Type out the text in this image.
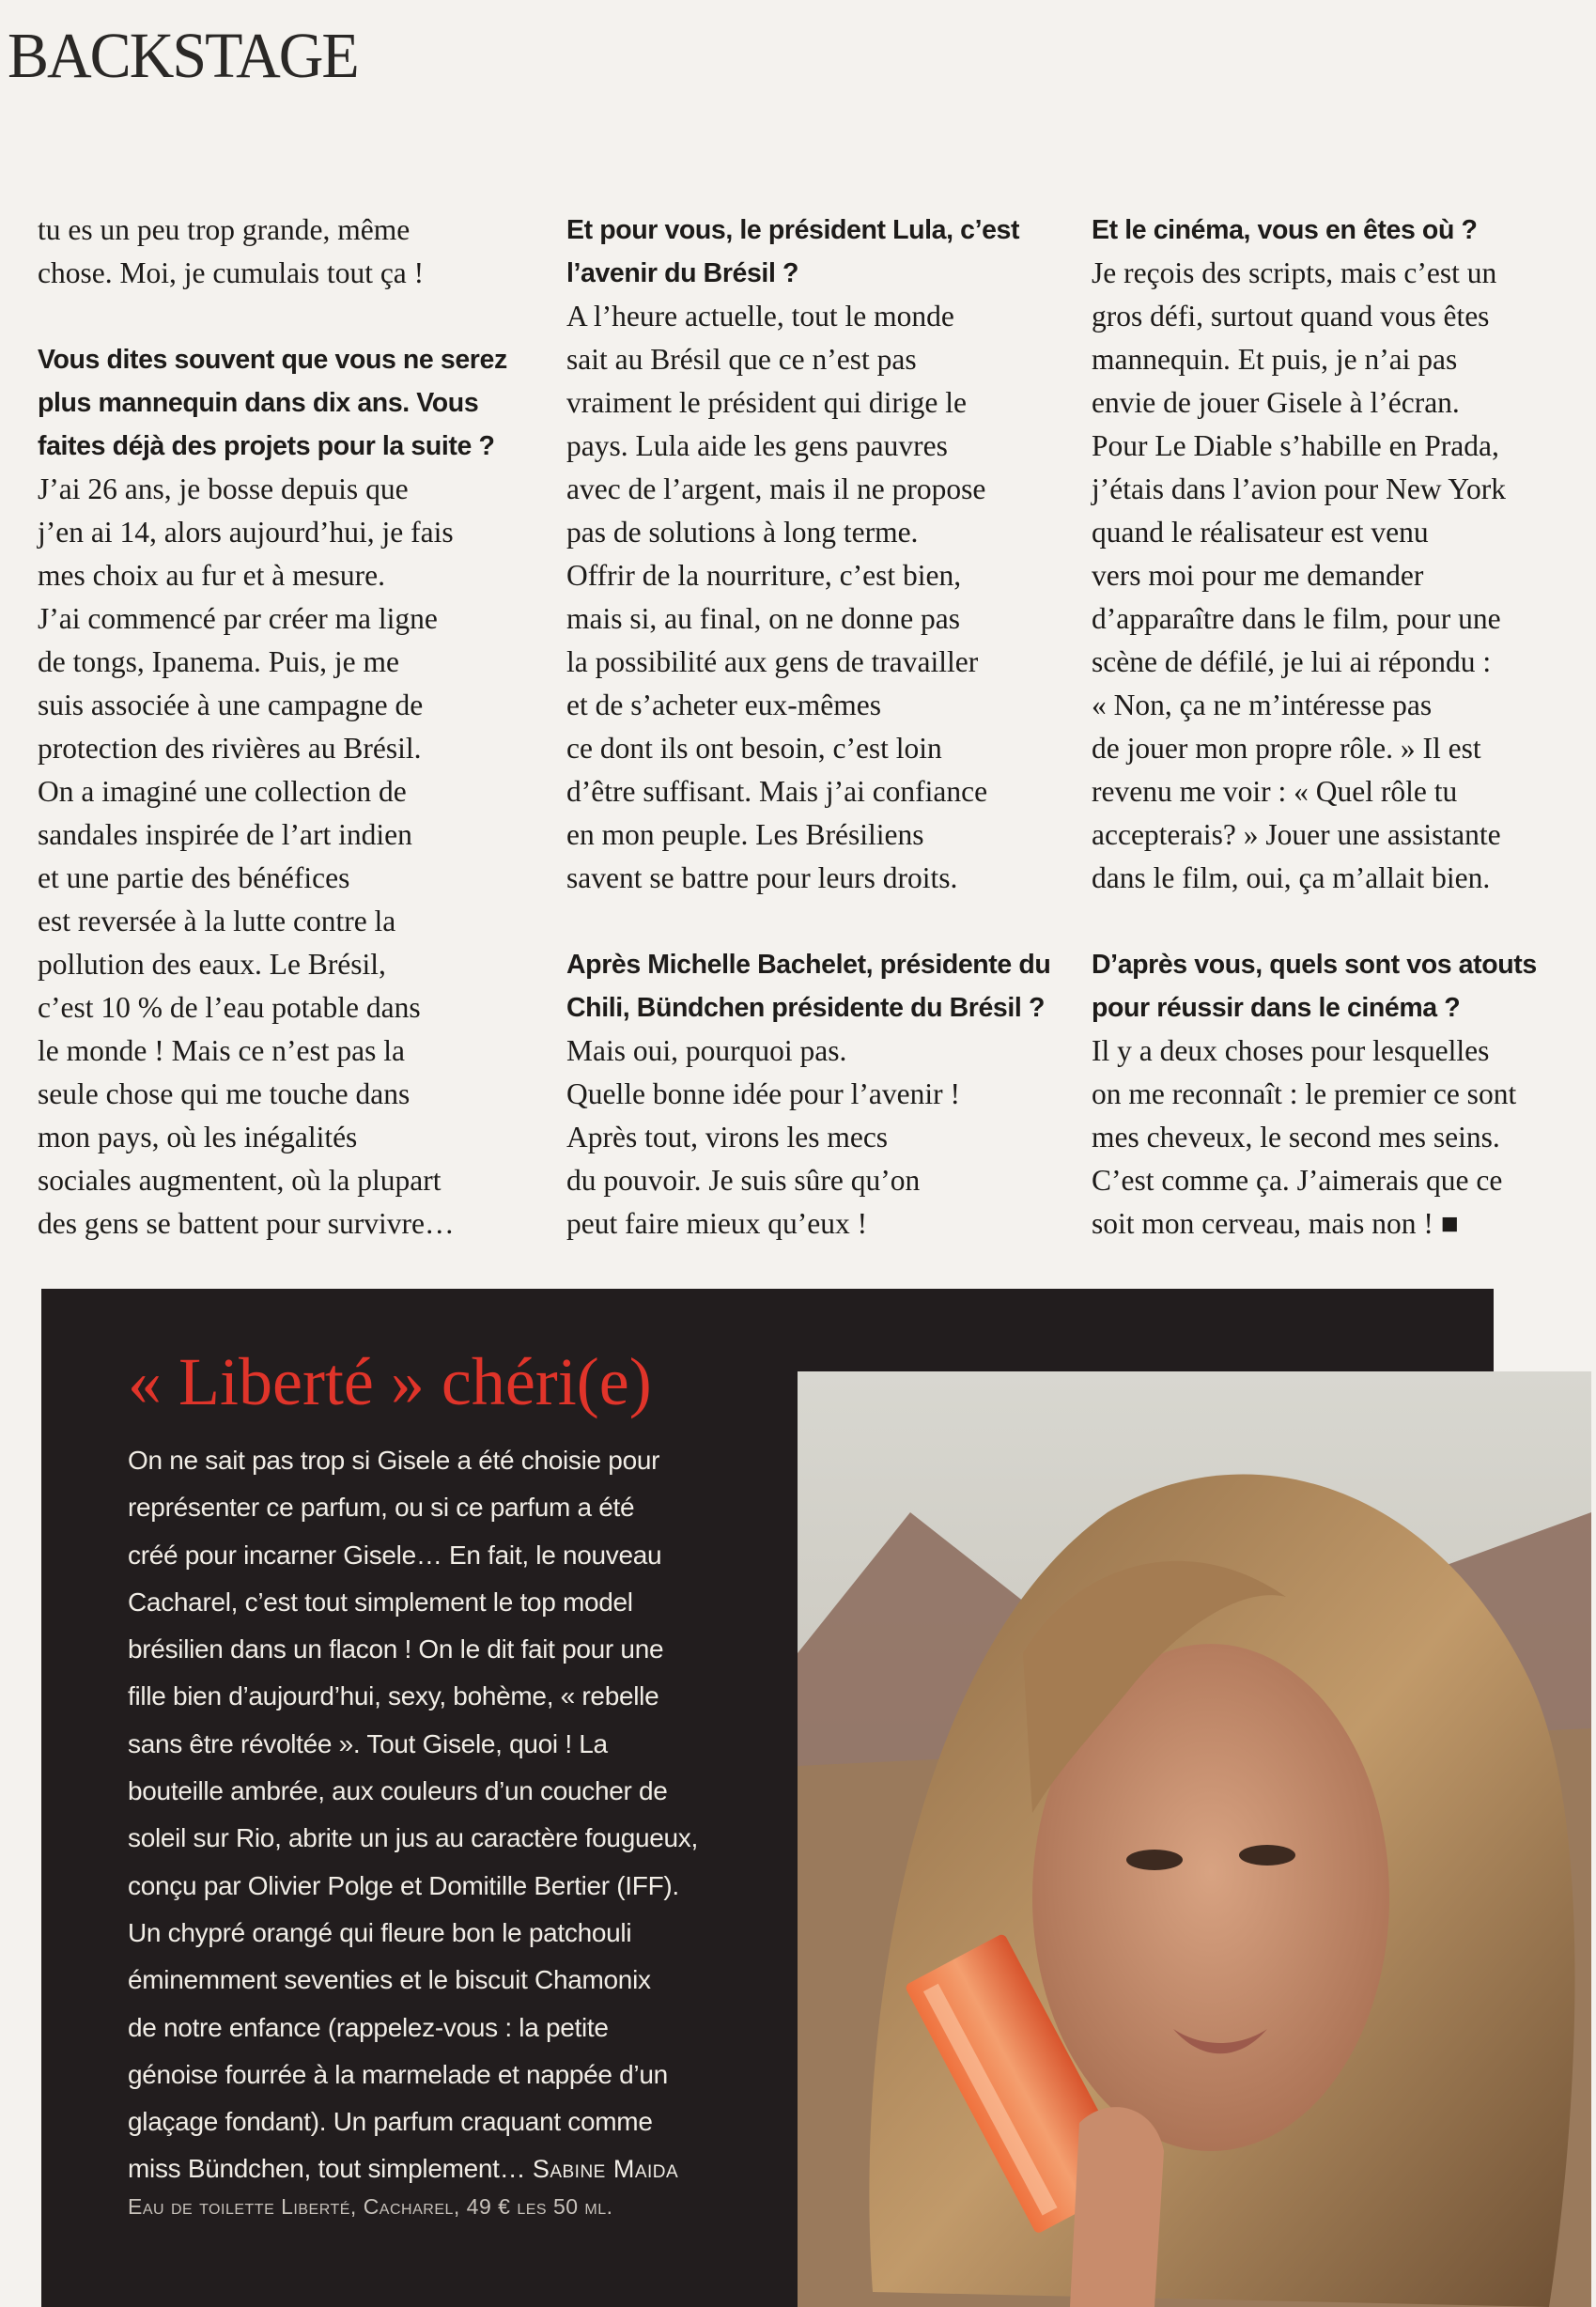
BACKSTAGE
tu es un peu trop grande, même
chose. Moi, je cumulais tout ça !
Vous dites souvent que vous ne serez
plus mannequin dans dix ans. Vous
faites déjà des projets pour la suite ?
J’ai 26 ans, je bosse depuis que
j’en ai 14, alors aujourd’hui, je fais
mes choix au fur et à mesure.
J’ai commencé par créer ma ligne
de tongs, Ipanema. Puis, je me
suis associée à une campagne de
protection des rivières au Brésil.
On a imaginé une collection de
sandales inspirée de l’art indien
et une partie des bénéfices
est reversée à la lutte contre la
pollution des eaux. Le Brésil,
c’est 10 % de l’eau potable dans
le monde ! Mais ce n’est pas la
seule chose qui me touche dans
mon pays, où les inégalités
sociales augmentent, où la plupart
des gens se battent pour survivre…
Et pour vous, le président Lula, c’est
l’avenir du Brésil ?
A l’heure actuelle, tout le monde
sait au Brésil que ce n’est pas
vraiment le président qui dirige le
pays. Lula aide les gens pauvres
avec de l’argent, mais il ne propose
pas de solutions à long terme.
Offrir de la nourriture, c’est bien,
mais si, au final, on ne donne pas
la possibilité aux gens de travailler
et de s’acheter eux-mêmes
ce dont ils ont besoin, c’est loin
d’être suffisant. Mais j’ai confiance
en mon peuple. Les Brésiliens
savent se battre pour leurs droits.
Après Michelle Bachelet, présidente du
Chili, Bündchen présidente du Brésil ?
Mais oui, pourquoi pas.
Quelle bonne idée pour l’avenir !
Après tout, virons les mecs
du pouvoir. Je suis sûre qu’on
peut faire mieux qu’eux !
Et le cinéma, vous en êtes où ?
Je reçois des scripts, mais c’est un
gros défi, surtout quand vous êtes
mannequin. Et puis, je n’ai pas
envie de jouer Gisele à l’écran.
Pour Le Diable s’habille en Prada,
j’étais dans l’avion pour New York
quand le réalisateur est venu
vers moi pour me demander
d’apparaître dans le film, pour une
scène de défilé, je lui ai répondu :
« Non, ça ne m’intéresse pas
de jouer mon propre rôle. » Il est
revenu me voir : « Quel rôle tu
accepterais? » Jouer une assistante
dans le film, oui, ça m’allait bien.
D’après vous, quels sont vos atouts
pour réussir dans le cinéma ?
Il y a deux choses pour lesquelles
on me reconnaît : le premier ce sont
mes cheveux, le second mes seins.
C’est comme ça. J’aimerais que ce
soit mon cerveau, mais non ! ■
« Liberté » chéri(e)
On ne sait pas trop si Gisele a été choisie pour
représenter ce parfum, ou si ce parfum a été
créé pour incarner Gisele… En fait, le nouveau
Cacharel, c’est tout simplement le top model
brésilien dans un flacon ! On le dit fait pour une
fille bien d’aujourd’hui, sexy, bohème, « rebelle
sans être révoltée ». Tout Gisele, quoi ! La
bouteille ambrée, aux couleurs d’un coucher de
soleil sur Rio, abrite un jus au caractère fougueux,
conçu par Olivier Polge et Domitille Bertier (IFF).
Un chypré orangé qui fleure bon le patchouli
éminemment seventies et le biscuit Chamonix
de notre enfance (rappelez-vous : la petite
génoise fourrée à la marmelade et nappée d’un
glaçage fondant). Un parfum craquant comme
miss Bündchen, tout simplement… Sabine Maida
Eau de toilette Liberté, Cacharel, 49 € les 50 ml.
